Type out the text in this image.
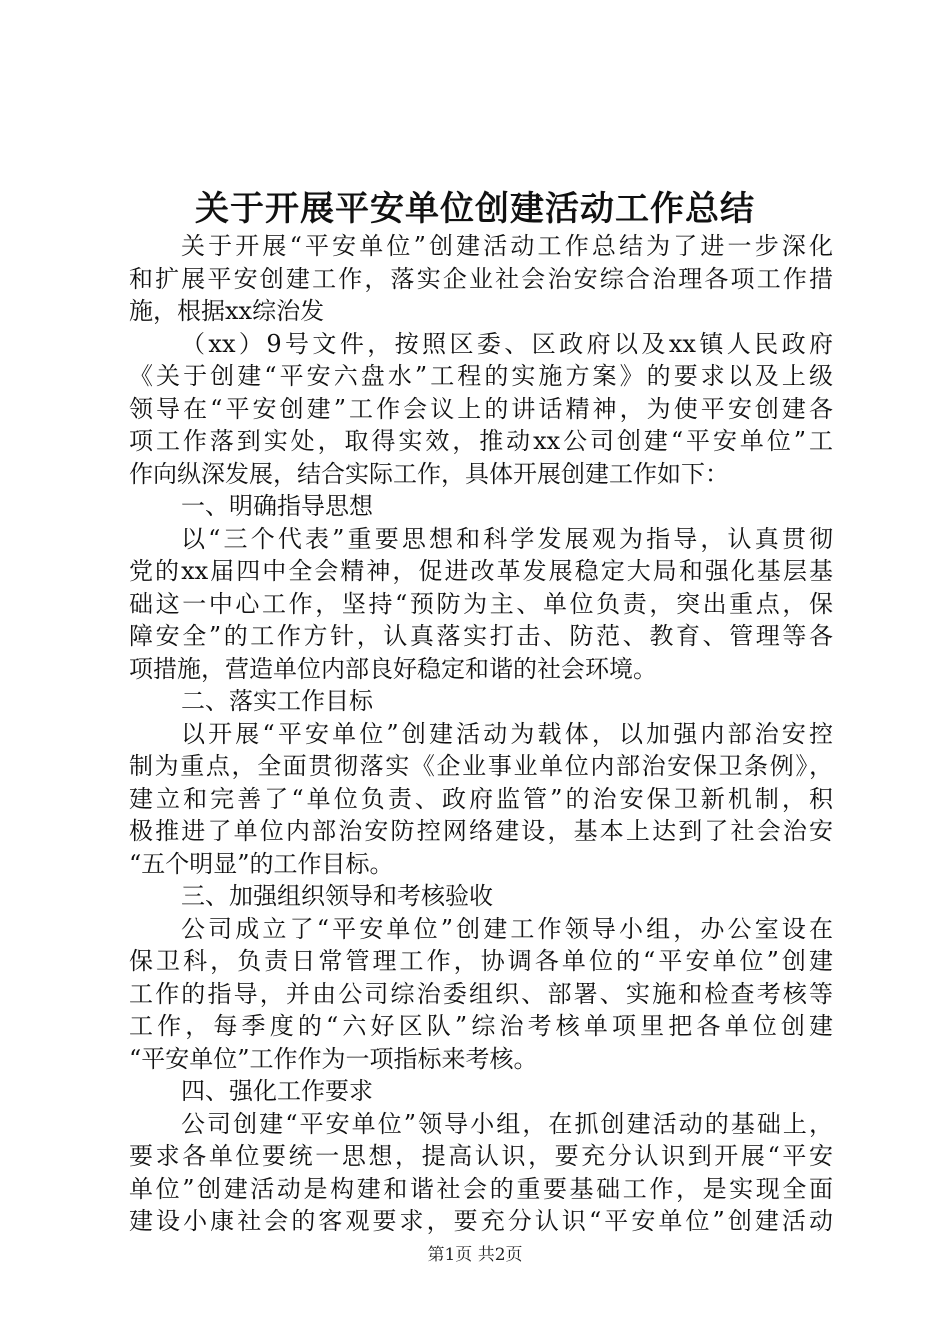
关于开展平安单位创建活动工作总结
关于开展“平安单位”创建活动工作总结为了进一步深化
和扩展平安创建工作，落实企业社会治安综合治理各项工作措
施，根据xx综治发
（xx）9号文件，按照区委、区政府以及xx镇人民政府
《关于创建“平安六盘水”工程的实施方案》的要求以及上级
领导在“平安创建”工作会议上的讲话精神，为使平安创建各
项工作落到实处，取得实效，推动xx公司创建“平安单位”工
作向纵深发展，结合实际工作，具体开展创建工作如下：
一、明确指导思想
以“三个代表”重要思想和科学发展观为指导，认真贯彻
党的xx届四中全会精神，促进改革发展稳定大局和强化基层基
础这一中心工作，坚持“预防为主、单位负责，突出重点，保
障安全”的工作方针，认真落实打击、防范、教育、管理等各
项措施，营造单位内部良好稳定和谐的社会环境。
二、落实工作目标
以开展“平安单位”创建活动为载体，以加强内部治安控
制为重点，全面贯彻落实《企业事业单位内部治安保卫条例》，
建立和完善了“单位负责、政府监管”的治安保卫新机制，积
极推进了单位内部治安防控网络建设，基本上达到了社会治安
“五个明显”的工作目标。
三、加强组织领导和考核验收
公司成立了“平安单位”创建工作领导小组，办公室设在
保卫科，负责日常管理工作，协调各单位的“平安单位”创建
工作的指导，并由公司综治委组织、部署、实施和检查考核等
工作，每季度的“六好区队”综治考核单项里把各单位创建
“平安单位”工作作为一项指标来考核。
四、强化工作要求
公司创建“平安单位”领导小组，在抓创建活动的基础上，
要求各单位要统一思想，提高认识，要充分认识到开展“平安
单位”创建活动是构建和谐社会的重要基础工作，是实现全面
建设小康社会的客观要求，要充分认识“平安单位”创建活动
第1页 共2页
